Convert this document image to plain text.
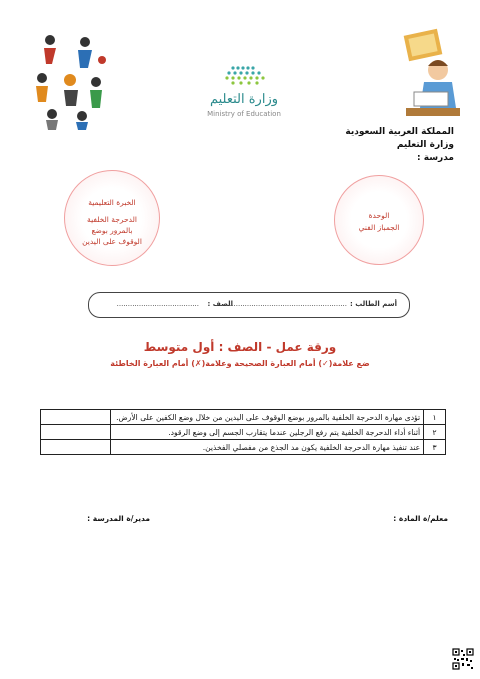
وزارة التعليم
Ministry of Education
المملكة العربية السعودية
وزارة التعليم
مدرسة :
الخبرة التعليمية
الدحرجة الخلفية
بالمرور بوضع
الوقوف على اليدين
الوحدة
الجمباز الفني
أسم الطالب :
......................................................
الصف :
.....................................
ورقة عمل - الصف : أول متوسط
ضع علامة(✓) أمام العبارة الصحيحة وعلامة(✗) أمام العبارة الخاطئة
١	تؤدى مهارة الدحرجة الخلفية بالمرور بوضع الوقوف على اليدين من خلال وضع الكفين على الأرض.	
٢	أثناء أداء الدحرجة الخلفية يتم رفع الرجلين عندما يتقارب الجسم إلى وضع الرقود.	
٣	عند تنفيذ مهارة الدحرجة الخلفية يكون مد الجذع من مفصلي الفخذين.	
معلم/ة المادة :
مدير/ة المدرسة :
